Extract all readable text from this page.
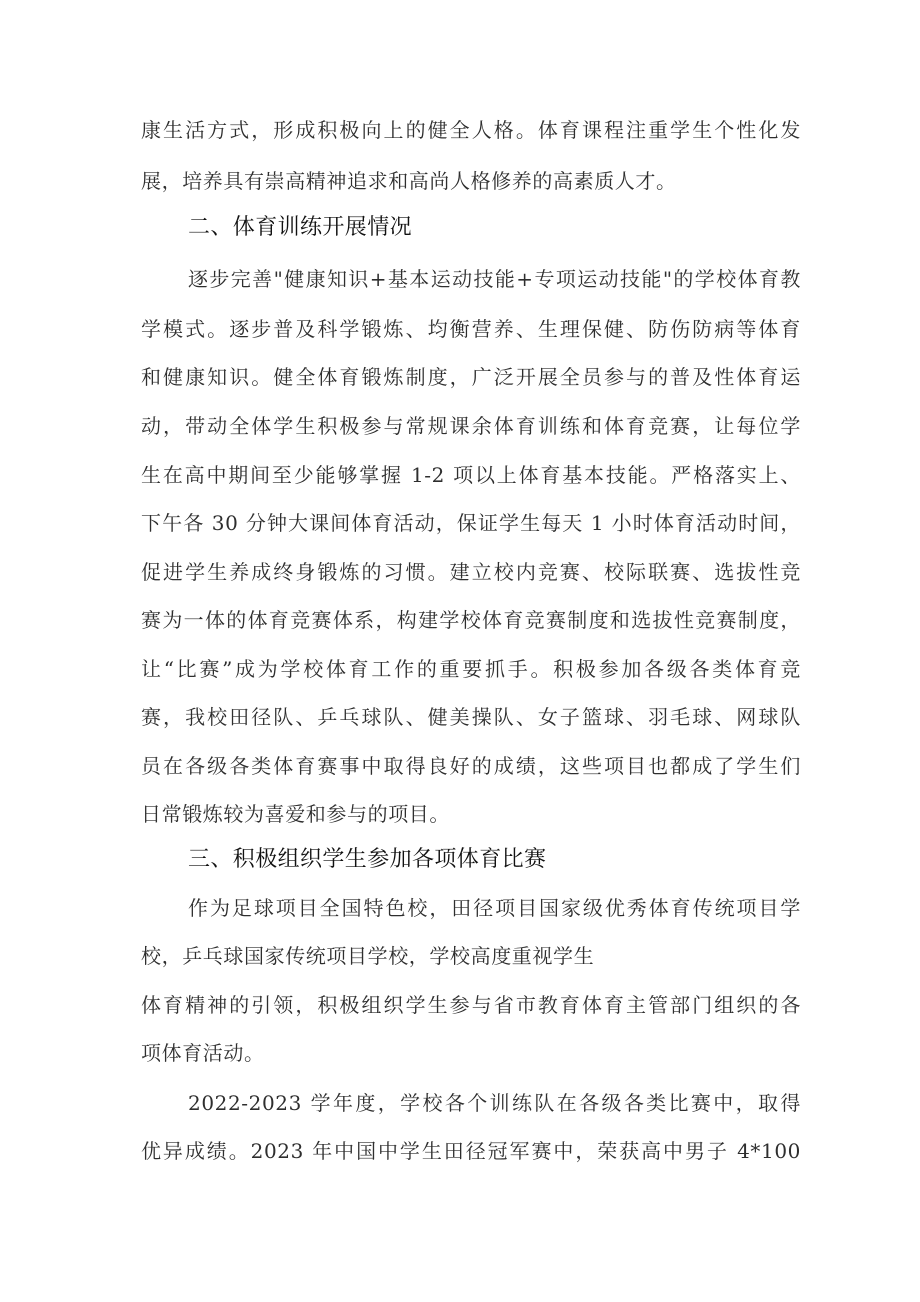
康生活方式，形成积极向上的健全人格。体育课程注重学生个性化发
展，培养具有崇高精神追求和高尚人格修养的高素质人才。
二、体育训练开展情况
逐步完善"健康知识+基本运动技能+专项运动技能"的学校体育教
学模式。逐步普及科学锻炼、均衡营养、生理保健、防伤防病等体育
和健康知识。健全体育锻炼制度，广泛开展全员参与的普及性体育运
动，带动全体学生积极参与常规课余体育训练和体育竞赛，让每位学
生在高中期间至少能够掌握 1-2 项以上体育基本技能。严格落实上、
下午各 30 分钟大课间体育活动，保证学生每天 1 小时体育活动时间，
促进学生养成终身锻炼的习惯。建立校内竞赛、校际联赛、选拔性竞
赛为一体的体育竞赛体系，构建学校体育竞赛制度和选拔性竞赛制度，
让“比赛”成为学校体育工作的重要抓手。积极参加各级各类体育竞
赛，我校田径队、乒乓球队、健美操队、女子篮球、羽毛球、网球队
员在各级各类体育赛事中取得良好的成绩，这些项目也都成了学生们
日常锻炼较为喜爱和参与的项目。
三、积极组织学生参加各项体育比赛
作为足球项目全国特色校，田径项目国家级优秀体育传统项目学
校，乒乓球国家传统项目学校，学校高度重视学生
体育精神的引领，积极组织学生参与省市教育体育主管部门组织的各
项体育活动。
2022-2023 学年度，学校各个训练队在各级各类比赛中，取得
优异成绩。2023 年中国中学生田径冠军赛中，荣获高中男子 4*100
